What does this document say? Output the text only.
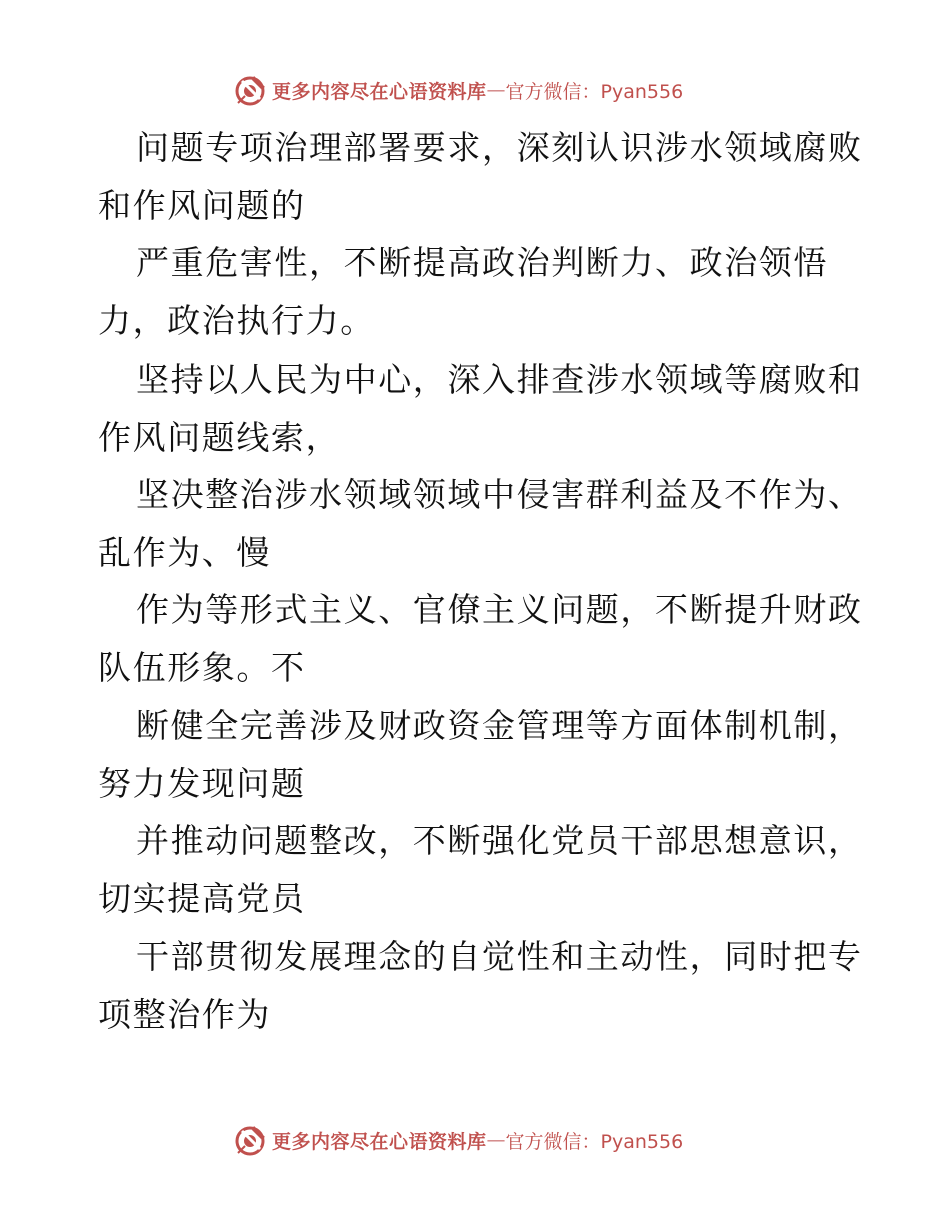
更多内容尽在心语资料库 — 官方微信：Pyan556
问题专项治理部署要求，深刻认识涉水领域腐败
和作风问题的
严重危害性，不断提高政治判断力、政治领悟
力，政治执行力。
坚持以人民为中心，深入排查涉水领域等腐败和
作风问题线索，
坚决整治涉水领域领域中侵害群利益及不作为、
乱作为、慢
作为等形式主义、官僚主义问题，不断提升财政
队伍形象。不
断健全完善涉及财政资金管理等方面体制机制，
努力发现问题
并推动问题整改，不断强化党员干部思想意识，
切实提高党员
干部贯彻发展理念的自觉性和主动性，同时把专
项整治作为
更多内容尽在心语资料库 — 官方微信：Pyan556
